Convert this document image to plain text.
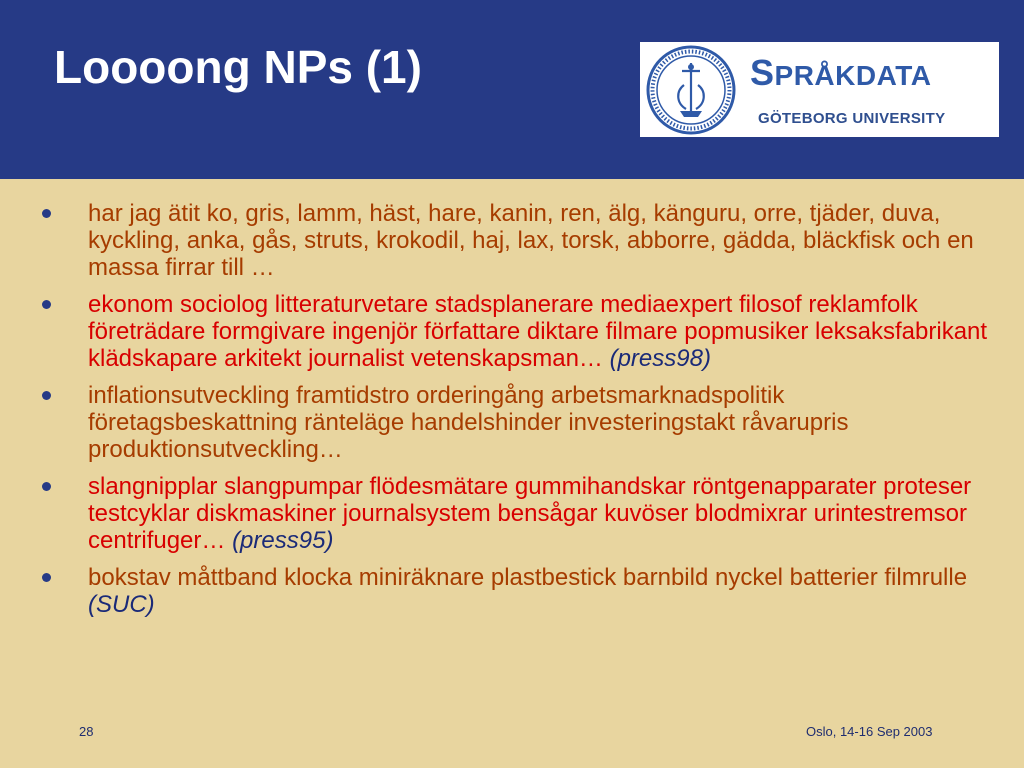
Loooong NPs (1)	SPRÅKDATA
GÖTEBORG UNIVERSITY
har jag ätit ko, gris, lamm, häst, hare, kanin, ren, älg, känguru, orre, tjäder, duva, kyckling, anka, gås, struts, krokodil, haj, lax, torsk, abborre, gädda, bläckfisk och en massa firrar till …
ekonom sociolog litteraturvetare stadsplanerare mediaexpert filosof reklamfolk företrädare formgivare ingenjör författare diktare filmare popmusiker leksaksfabrikant klädskapare arkitekt journalist vetenskapsman… (press98)
inflationsutveckling framtidstro orderingång arbetsmarknadspolitik företagsbeskattning ränteläge handelshinder investeringstakt råvarupris produktionsutveckling…
slangnipplar slangpumpar flödesmätare gummihandskar röntgenapparater proteser testcyklar diskmaskiner journalsystem bensågar kuvöser blodmixrar urintestremsor centrifuger… (press95)
bokstav måttband klocka miniräknare plastbestick barnbild nyckel batterier filmrulle (SUC)
28	Oslo, 14-16 Sep 2003
